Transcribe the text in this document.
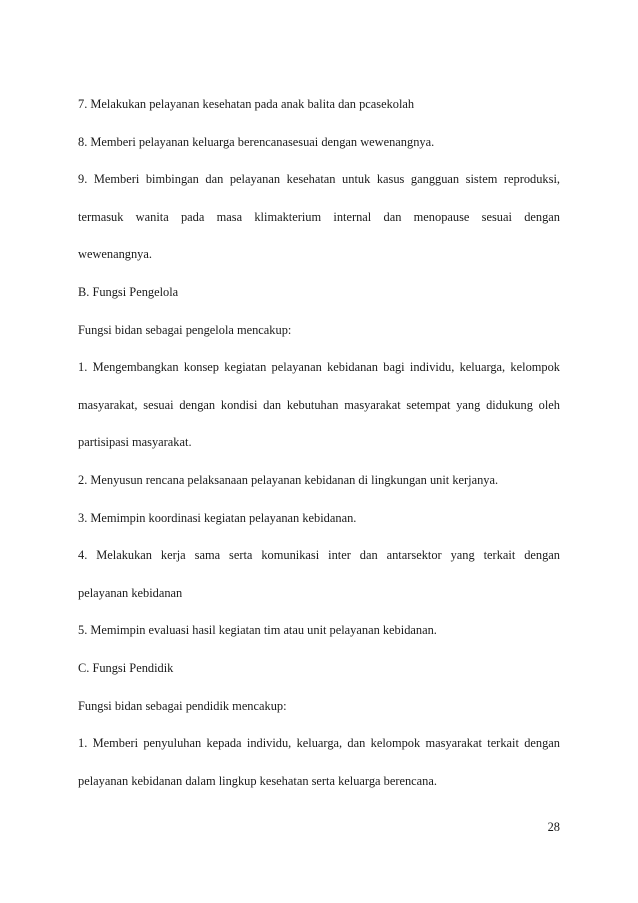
7. Melakukan pelayanan kesehatan pada anak balita dan pcasekolah
8. Memberi pelayanan keluarga berencanasesuai dengan wewenangnya.
9. Memberi bimbingan dan pelayanan kesehatan untuk kasus gangguan sistem reproduksi,
termasuk wanita pada masa klimakterium internal dan menopause sesuai dengan
wewenangnya.
B. Fungsi Pengelola
Fungsi bidan sebagai pengelola mencakup:
1. Mengembangkan konsep kegiatan pelayanan kebidanan bagi individu, keluarga, kelompok
masyarakat, sesuai dengan kondisi dan kebutuhan masyarakat setempat yang didukung oleh
partisipasi masyarakat.
2. Menyusun rencana pelaksanaan pelayanan kebidanan di lingkungan unit kerjanya.
3. Memimpin koordinasi kegiatan pelayanan kebidanan.
4. Melakukan kerja sama serta komunikasi inter dan antarsektor yang terkait dengan
pelayanan kebidanan
5. Memimpin evaluasi hasil kegiatan tim atau unit pelayanan kebidanan.
C. Fungsi Pendidik
Fungsi bidan sebagai pendidik mencakup:
1. Memberi penyuluhan kepada individu, keluarga, dan kelompok masyarakat terkait dengan
pelayanan kebidanan dalam lingkup kesehatan serta keluarga berencana.
28
